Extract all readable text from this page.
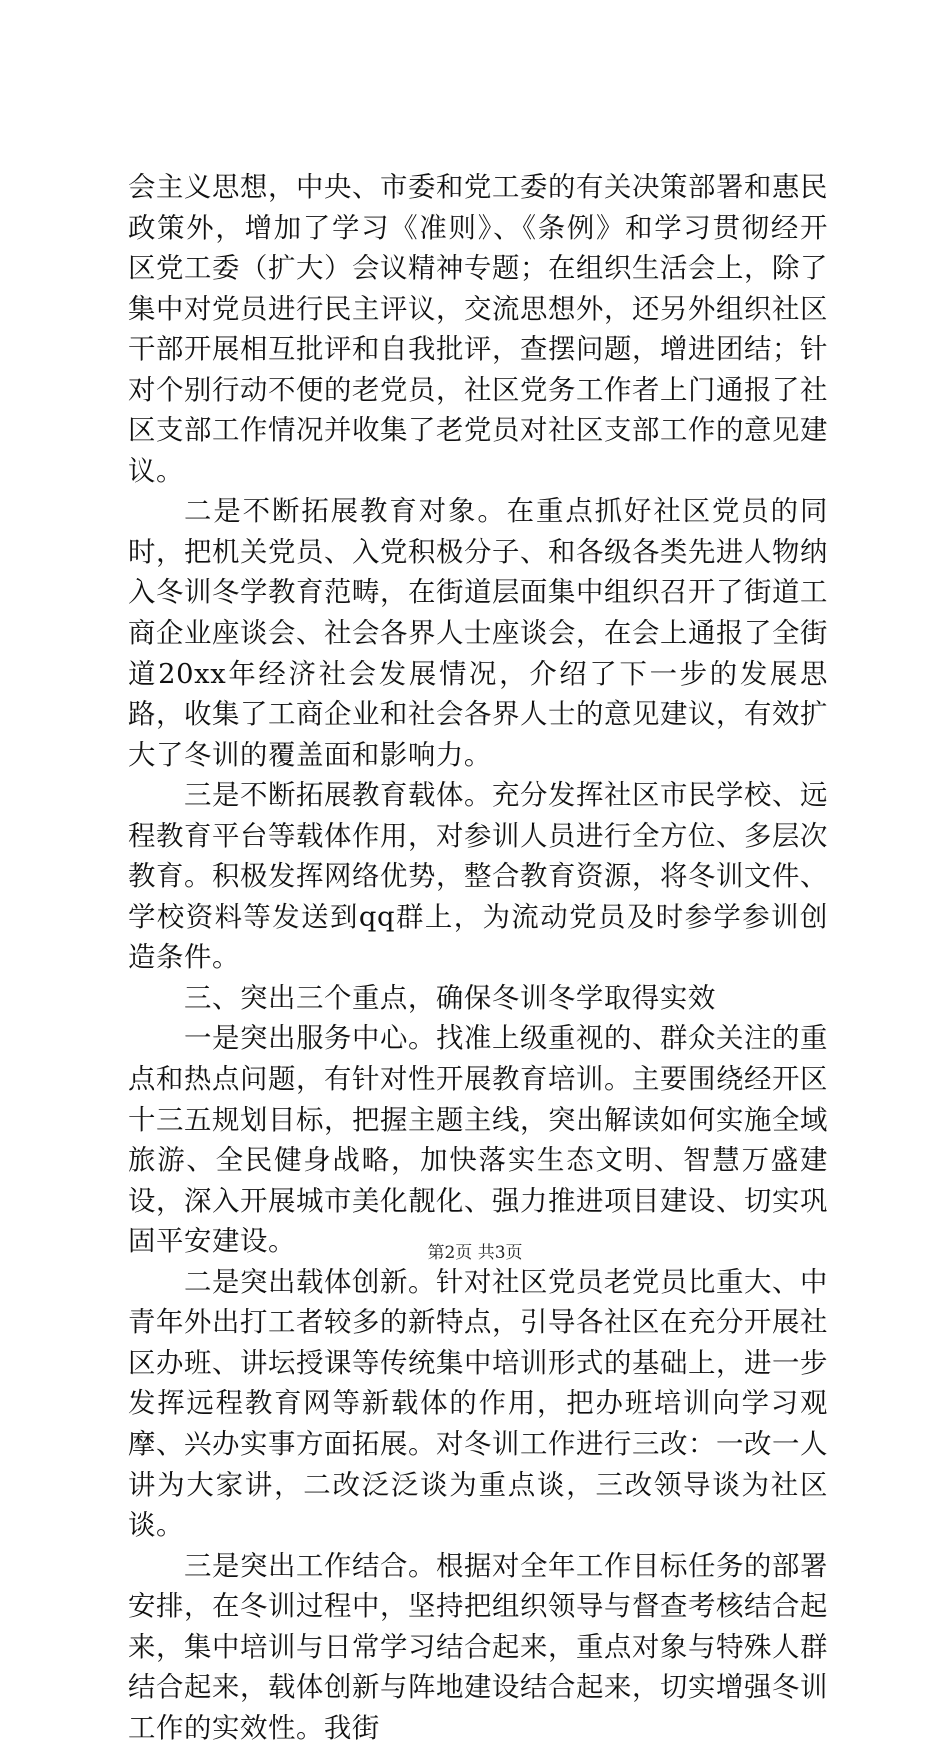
会主义思想，中央、市委和党工委的有关决策部署和惠民政策外，增加了学习《准则》、《条例》和学习贯彻经开区党工委（扩大）会议精神专题；在组织生活会上，除了集中对党员进行民主评议，交流思想外，还另外组织社区干部开展相互批评和自我批评，查摆问题，增进团结；针对个别行动不便的老党员，社区党务工作者上门通报了社区支部工作情况并收集了老党员对社区支部工作的意见建议。

二是不断拓展教育对象。在重点抓好社区党员的同时，把机关党员、入党积极分子、和各级各类先进人物纳入冬训冬学教育范畴，在街道层面集中组织召开了街道工商企业座谈会、社会各界人士座谈会，在会上通报了全街道20xx年经济社会发展情况，介绍了下一步的发展思路，收集了工商企业和社会各界人士的意见建议，有效扩大了冬训的覆盖面和影响力。

三是不断拓展教育载体。充分发挥社区市民学校、远程教育平台等载体作用，对参训人员进行全方位、多层次教育。积极发挥网络优势，整合教育资源，将冬训文件、学校资料等发送到qq群上，为流动党员及时参学参训创造条件。

三、突出三个重点，确保冬训冬学取得实效

一是突出服务中心。找准上级重视的、群众关注的重点和热点问题，有针对性开展教育培训。主要围绕经开区十三五规划目标，把握主题主线，突出解读如何实施全域旅游、全民健身战略，加快落实生态文明、智慧万盛建设，深入开展城市美化靓化、强力推进项目建设、切实巩固平安建设。

二是突出载体创新。针对社区党员老党员比重大、中青年外出打工者较多的新特点，引导各社区在充分开展社区办班、讲坛授课等传统集中培训形式的基础上，进一步发挥远程教育网等新载体的作用，把办班培训向学习观摩、兴办实事方面拓展。对冬训工作进行三改：一改一人讲为大家讲，二改泛泛谈为重点谈，三改领导谈为社区谈。

三是突出工作结合。根据对全年工作目标任务的部署安排，在冬训过程中，坚持把组织领导与督查考核结合起来，集中培训与日常学习结合起来，重点对象与特殊人群结合起来，载体创新与阵地建设结合起来，切实增强冬训工作的实效性。我街

第2页 共3页
